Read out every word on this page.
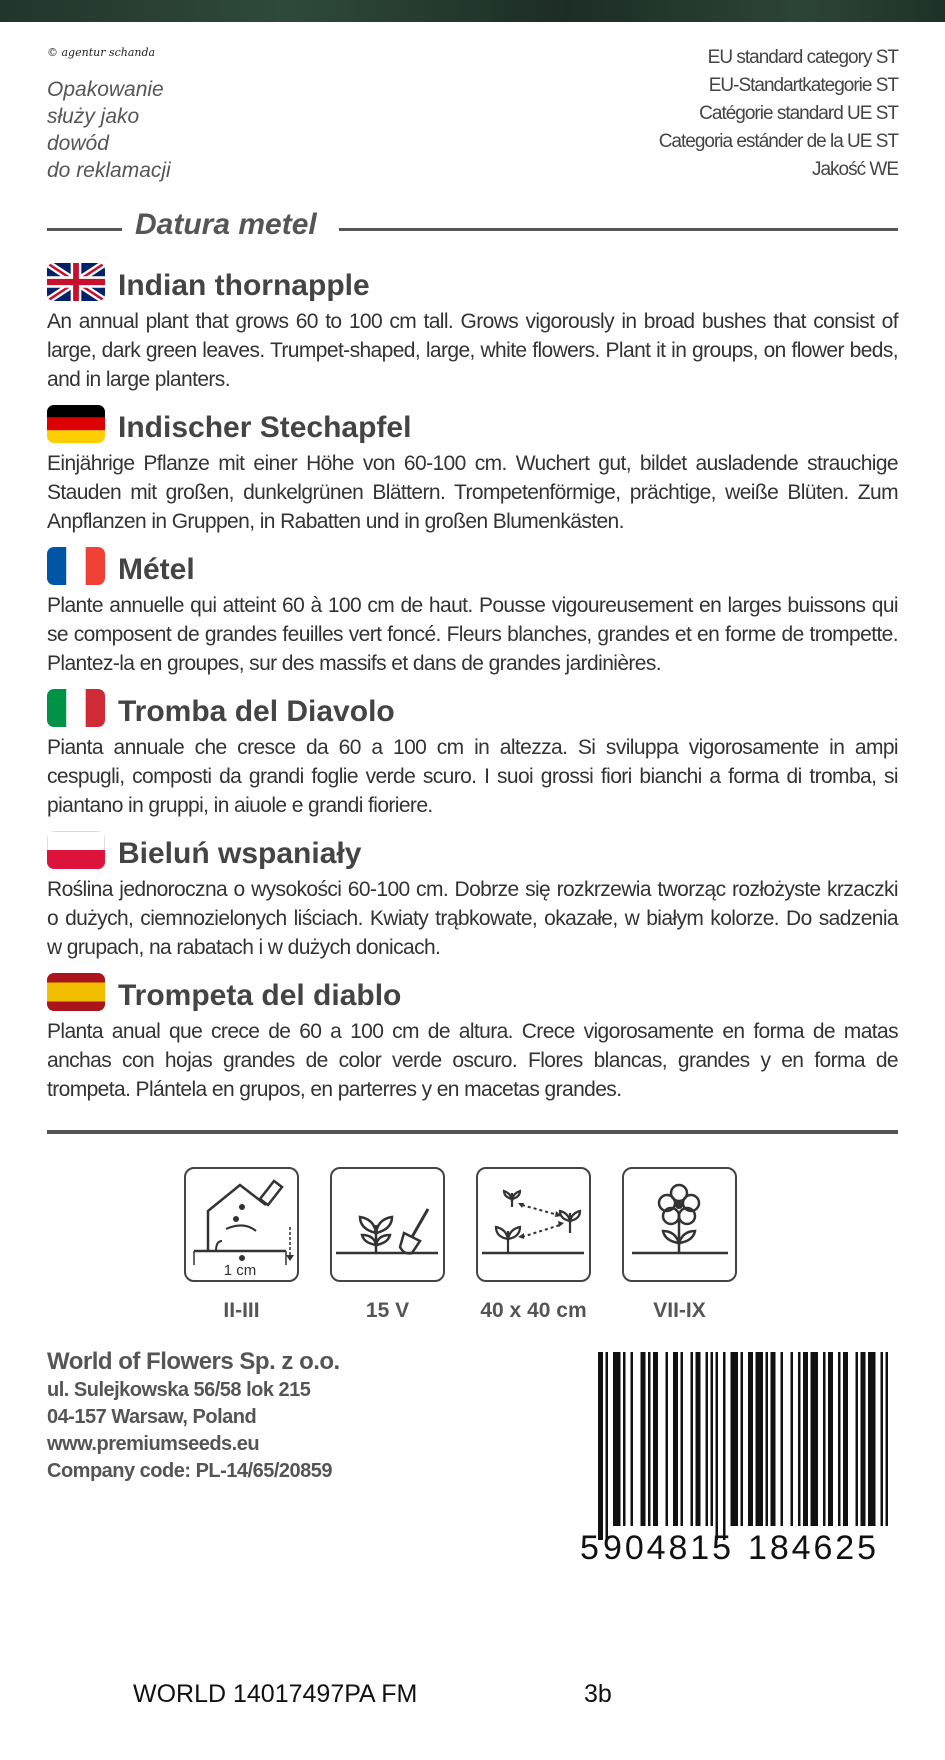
© agentur schanda
Opakowanie
służy jako
dowód
do reklamacji
EU standard category ST
EU-Standartkategorie ST
Catégorie standard UE ST
Categoria estánder de la UE ST
Jakość WE
Datura metel
Indian thornapple

An annual plant that grows 60 to 100 cm tall. Grows vigorously in broad bushes that consist of large, dark green leaves. Trumpet-shaped, large, white flowers. Plant it in groups, on flower beds, and in large planters.

Indischer Stechapfel

Einjährige Pflanze mit einer Höhe von 60-100 cm. Wuchert gut, bildet ausladende strauchige Stauden mit großen, dunkelgrünen Blättern. Trompetenförmige, prächtige, weiße Blüten. Zum Anpflanzen in Gruppen, in Rabatten und in großen Blumenkästen.

Métel

Plante annuelle qui atteint 60 à 100 cm de haut. Pousse vigoureusement en larges buissons qui se composent de grandes feuilles vert foncé. Fleurs blanches, grandes et en forme de trompette. Plantez-la en groupes, sur des massifs et dans de grandes jardinières.

Tromba del Diavolo

Pianta annuale che cresce da 60 a 100 cm in altezza. Si sviluppa vigorosamente in ampi cespugli, composti da grandi foglie verde scuro. I suoi grossi fiori bianchi a forma di tromba, si piantano in gruppi, in aiuole e grandi fioriere.

Bieluń wspaniały

Roślina jednoroczna o wysokości 60-100 cm. Dobrze się rozkrzewia tworząc rozłożyste krzaczki o dużych, ciemnozielonych liściach. Kwiaty trąbkowate, okazałe, w białym kolorze. Do sadzenia w grupach, na rabatach i w dużych donicach.

Trompeta del diablo

Planta anual que crece de 60 a 100 cm de altura. Crece vigorosamente en forma de matas anchas con hojas grandes de color verde oscuro. Flores blancas, grandes y en forma de trompeta. Plántela en grupos, en parterres y en macetas grandes.

1 cm
II-III	15 V	40 x 40 cm	VII-IX
World of Flowers Sp. z o.o.
ul. Sulejkowska 56/58 lok 215
04-157 Warsaw, Poland
www.premiumseeds.eu
Company code: PL-14/65/20859
5 904815 184625
WORLD 14017497PA FM	3b
